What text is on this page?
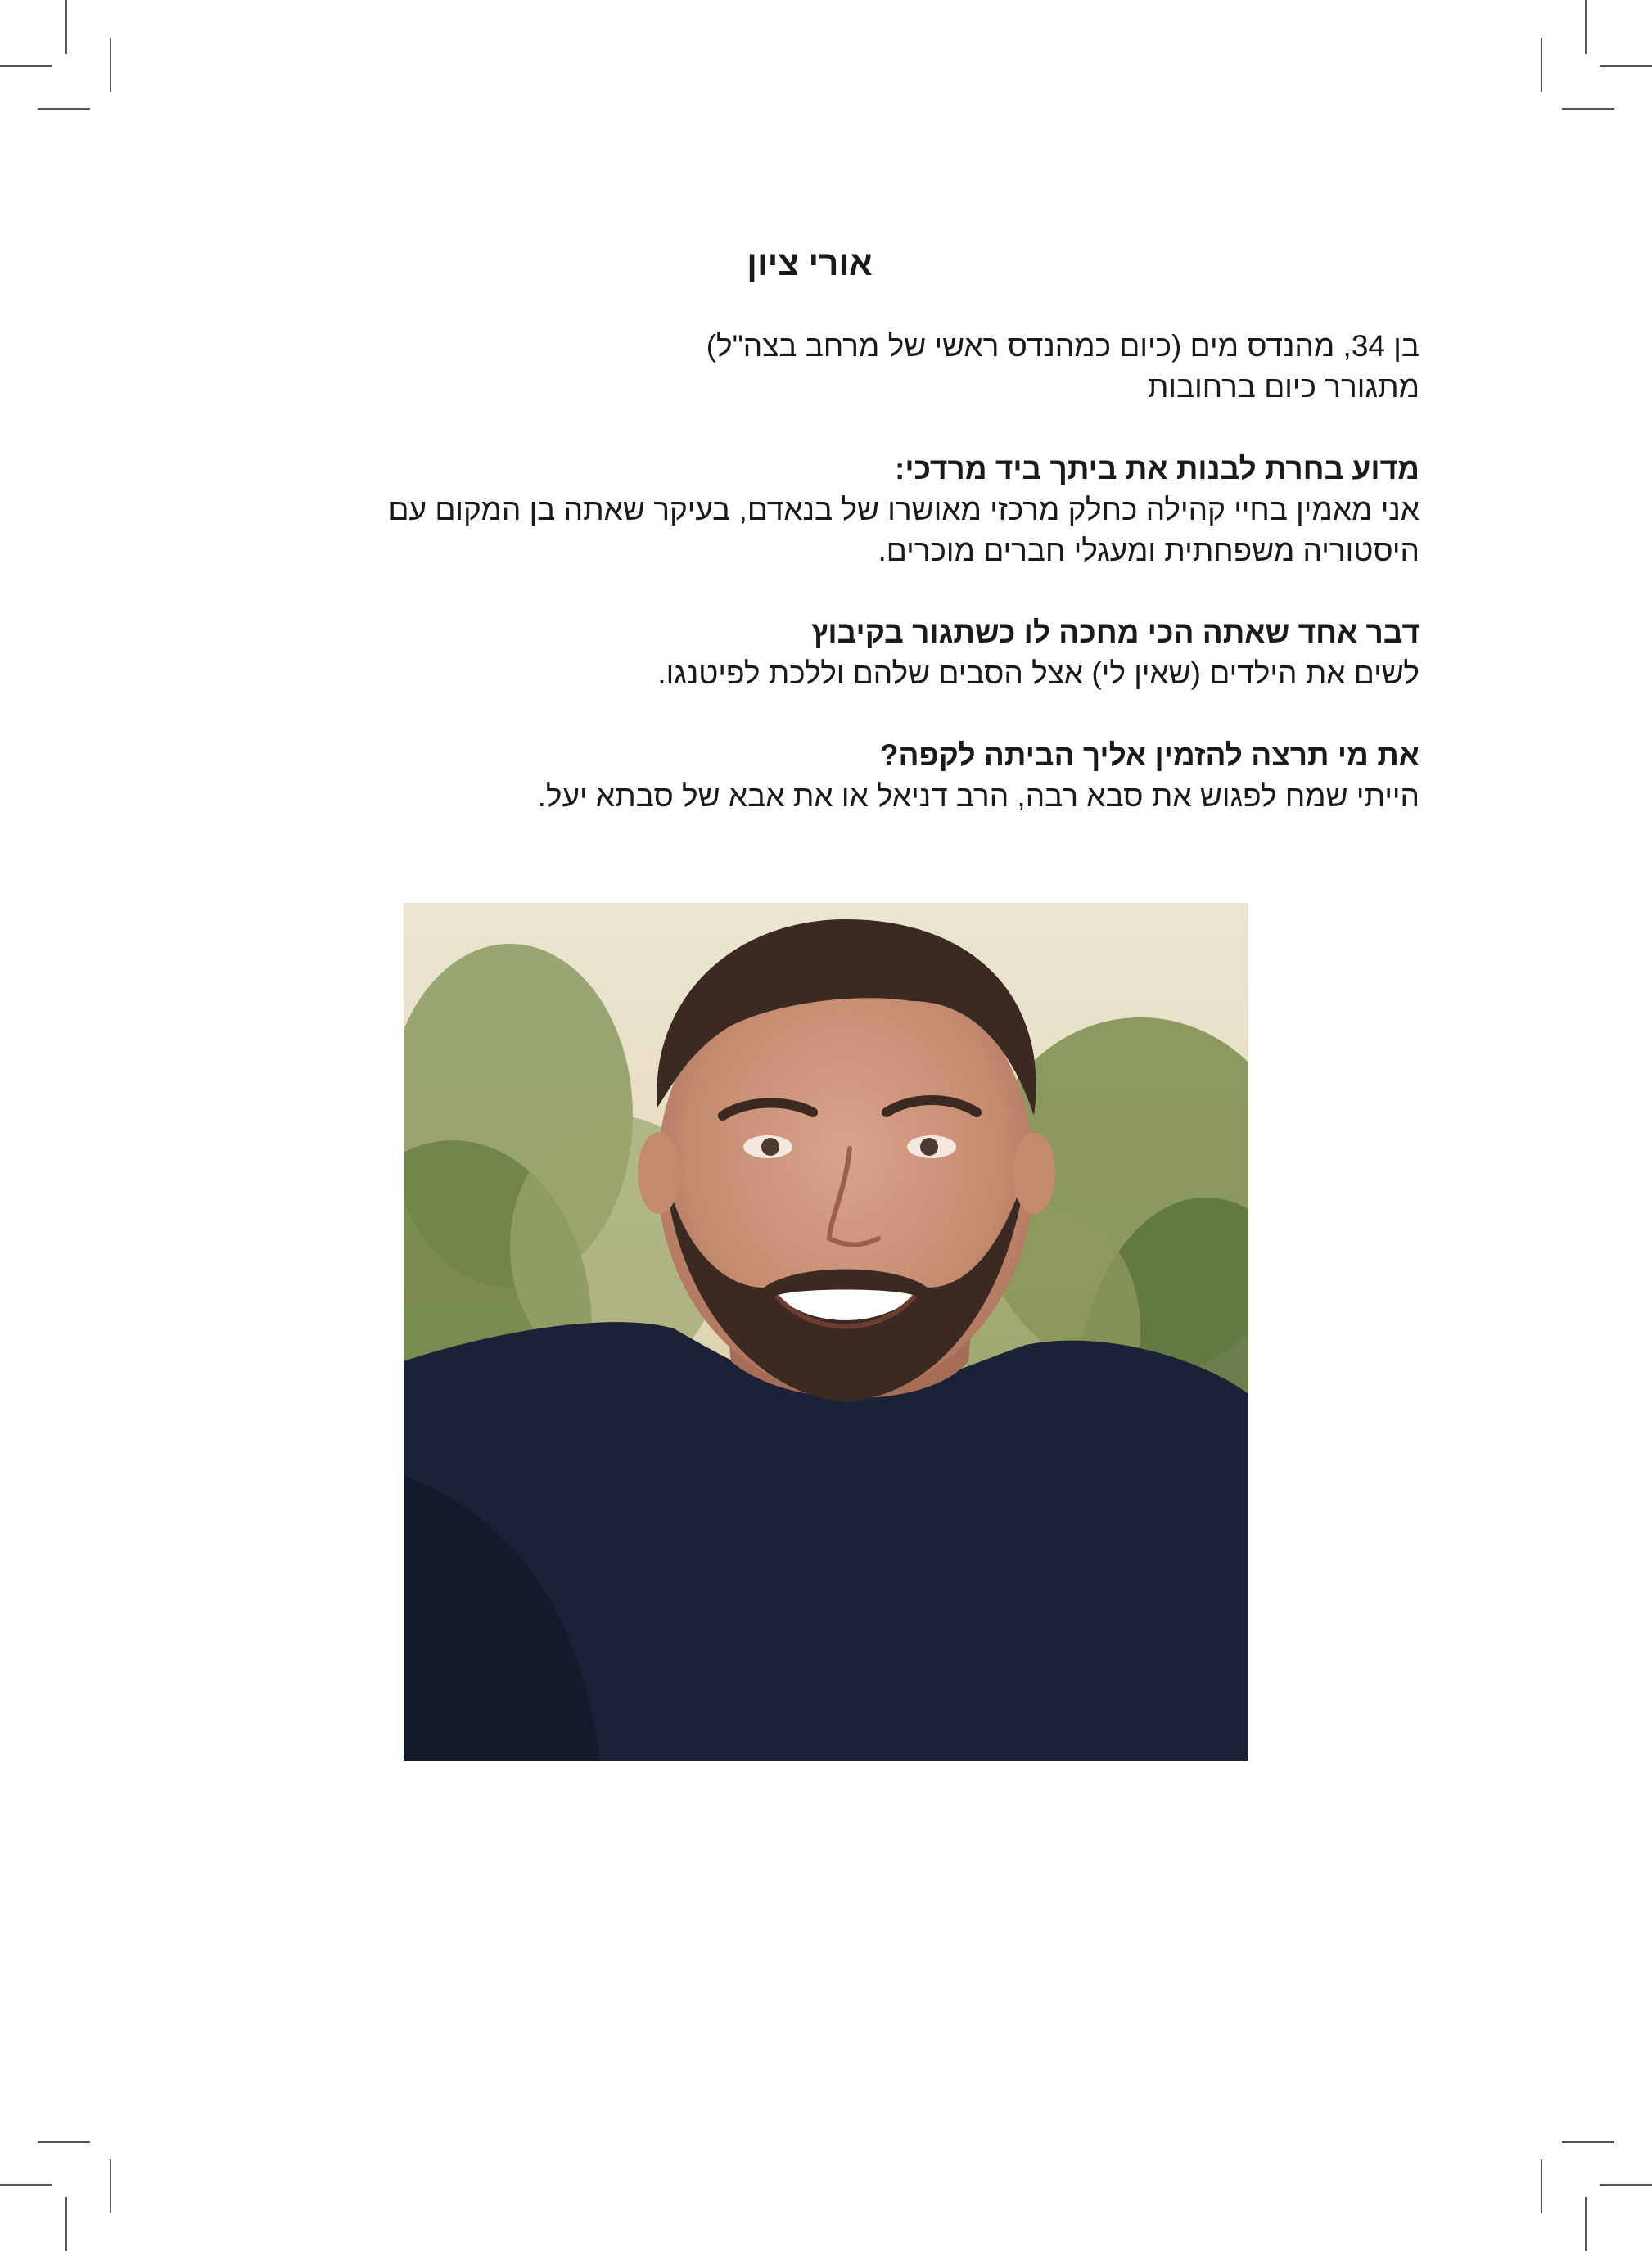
אורי ציון
בן 34, מהנדס מים (כיום כמהנדס ראשי של מרחב בצה"ל)
מתגורר כיום ברחובות
מדוע בחרת לבנות את ביתך ביד מרדכי:
אני מאמין בחיי קהילה כחלק מרכזי מאושרו של בנאדם, בעיקר שאתה בן המקום עם
היסטוריה משפחתית ומעגלי חברים מוכרים.
דבר אחד שאתה הכי מחכה לו כשתגור בקיבוץ
לשים את הילדים (שאין לי) אצל הסבים שלהם וללכת לפיטנגו.
את מי תרצה להזמין אליך הביתה לקפה?
הייתי שמח לפגוש את סבא רבה, הרב דניאל או את אבא של סבתא יעל.
